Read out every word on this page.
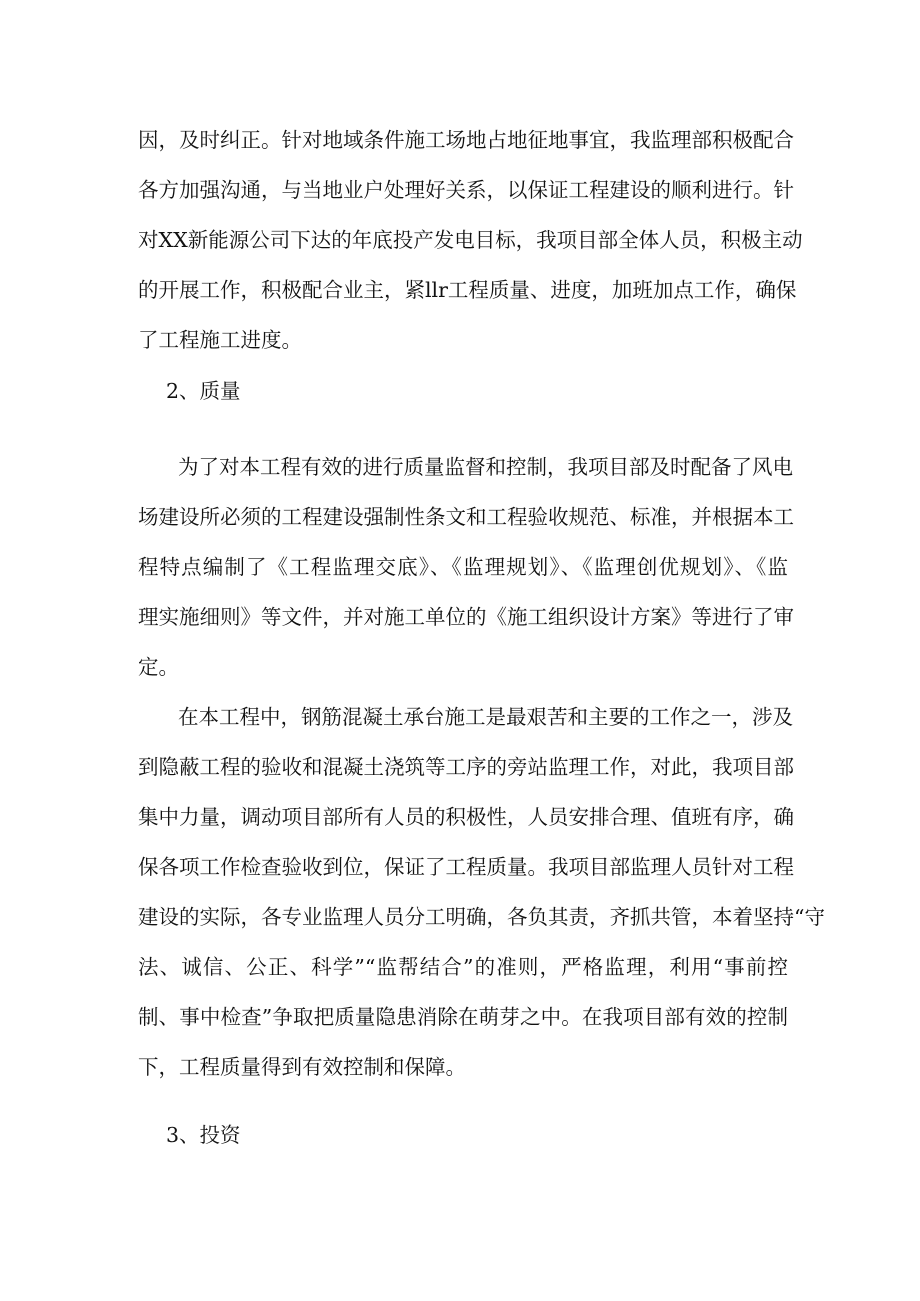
因，及时纠正。针对地域条件施工场地占地征地事宜，我监理部积极配合
各方加强沟通，与当地业户处理好关系，以保证工程建设的顺利进行。针
对XX新能源公司下达的年底投产发电目标，我项目部全体人员，积极主动
的开展工作，积极配合业主，紧llr工程质量、进度，加班加点工作，确保
了工程施工进度。
2、质量
为了对本工程有效的进行质量监督和控制，我项目部及时配备了风电
场建设所必须的工程建设强制性条文和工程验收规范、标准，并根据本工
程特点编制了《工程监理交底》、《监理规划》、《监理创优规划》、《监
理实施细则》等文件，并对施工单位的《施工组织设计方案》等进行了审
定。
在本工程中，钢筋混凝土承台施工是最艰苦和主要的工作之一，涉及
到隐蔽工程的验收和混凝土浇筑等工序的旁站监理工作，对此，我项目部
集中力量，调动项目部所有人员的积极性，人员安排合理、值班有序，确
保各项工作检查验收到位，保证了工程质量。我项目部监理人员针对工程
建设的实际，各专业监理人员分工明确，各负其责，齐抓共管，本着坚持“守
法、诚信、公正、科学”“监帮结合”的准则，严格监理，利用“事前控
制、事中检查”争取把质量隐患消除在萌芽之中。在我项目部有效的控制
下，工程质量得到有效控制和保障。
3、投资
